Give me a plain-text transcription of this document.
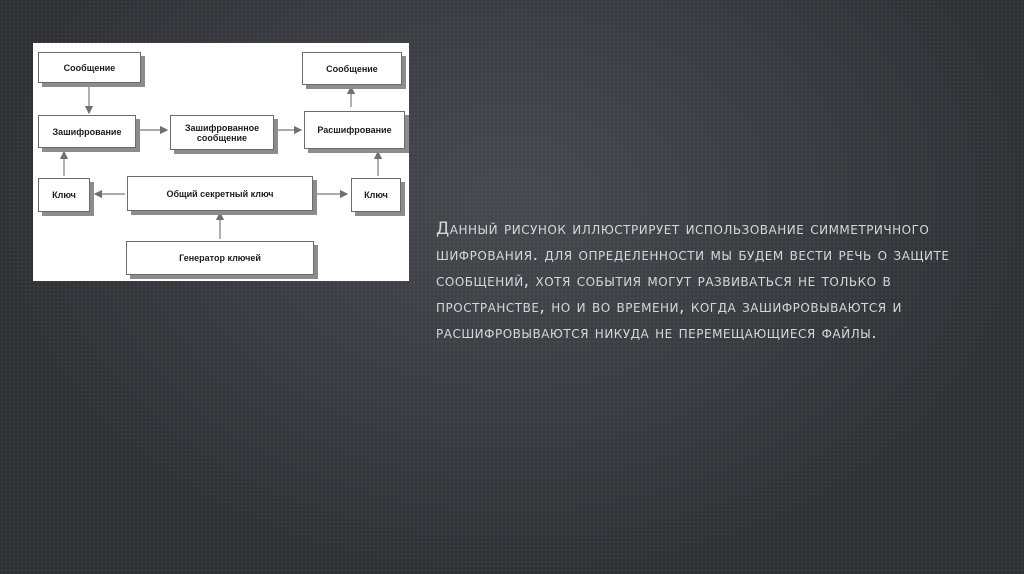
Сообщение	Сообщение
Зашифрование	Зашифрованное сообщение
Расшифрование
Ключ	Общий секретный ключ	Ключ
Генератор ключей
Данный рисунок иллюстрирует использование симметричного шифрования. для определенности мы будем вести речь о защите сообщений, хотя события могут развиваться не только в пространстве, но и во времени, когда зашифровываются и расшифровываются никуда не перемещающиеся файлы.
